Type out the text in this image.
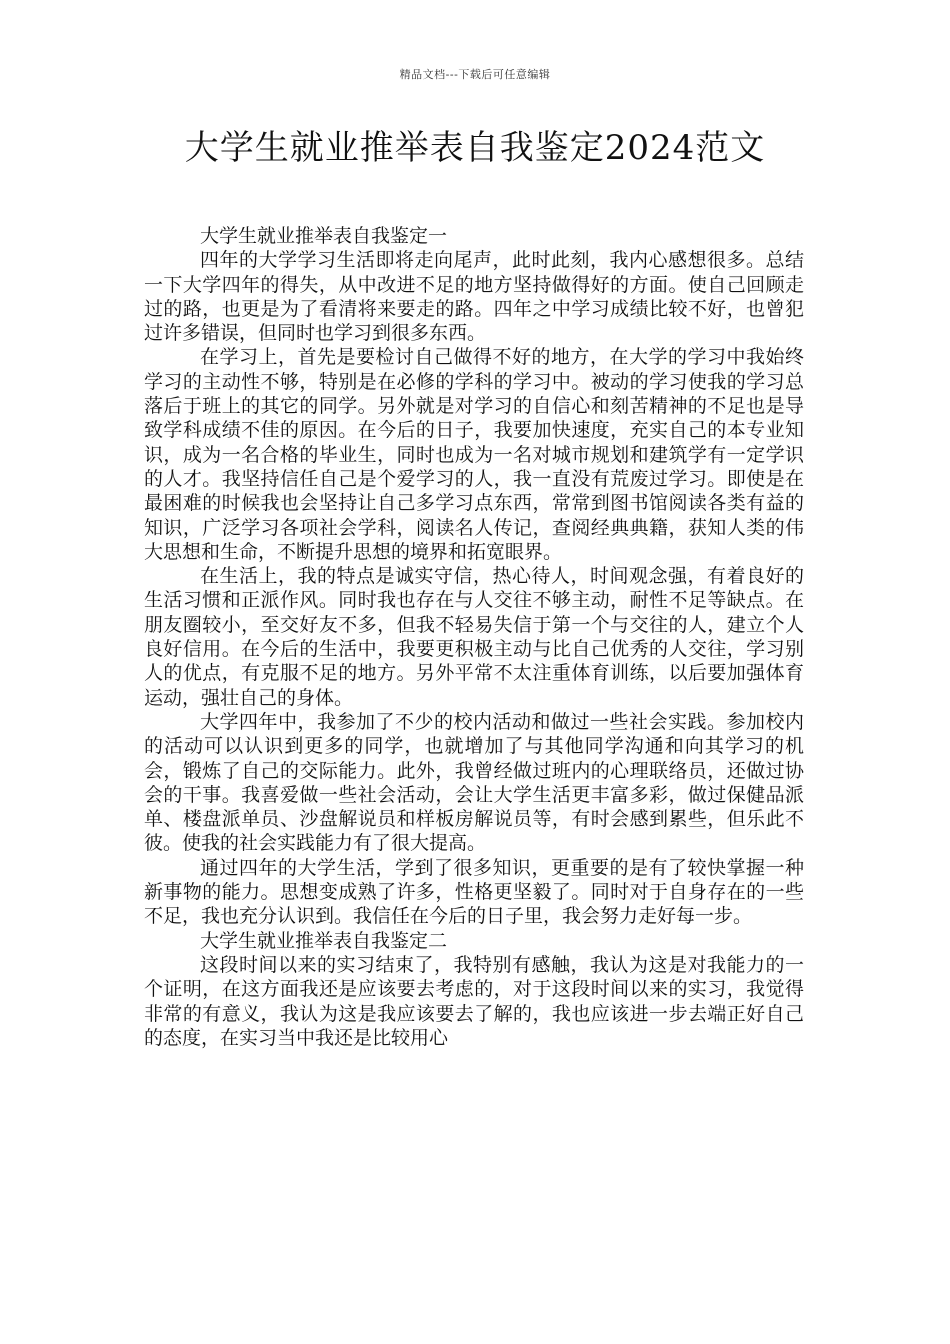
精品文档---下载后可任意编辑
大学生就业推举表自我鉴定2024范文

大学生就业推举表自我鉴定一

四年的大学学习生活即将走向尾声，此时此刻，我内心感想很多。总结一下大学四年的得失，从中改进不足的地方坚持做得好的方面。使自己回顾走过的路，也更是为了看清将来要走的路。四年之中学习成绩比较不好，也曾犯过许多错误，但同时也学习到很多东西。

在学习上，首先是要检讨自己做得不好的地方，在大学的学习中我始终学习的主动性不够，特别是在必修的学科的学习中。被动的学习使我的学习总落后于班上的其它的同学。另外就是对学习的自信心和刻苦精神的不足也是导致学科成绩不佳的原因。在今后的日子，我要加快速度，充实自己的本专业知识，成为一名合格的毕业生，同时也成为一名对城市规划和建筑学有一定学识的人才。我坚持信任自己是个爱学习的人，我一直没有荒废过学习。即使是在最困难的时候我也会坚持让自己多学习点东西，常常到图书馆阅读各类有益的知识，广泛学习各项社会学科，阅读名人传记，查阅经典典籍，获知人类的伟大思想和生命，不断提升思想的境界和拓宽眼界。

在生活上，我的特点是诚实守信，热心待人，时间观念强，有着良好的生活习惯和正派作风。同时我也存在与人交往不够主动，耐性不足等缺点。在朋友圈较小，至交好友不多，但我不轻易失信于第一个与交往的人，建立个人良好信用。在今后的生活中，我要更积极主动与比自己优秀的人交往，学习别人的优点，有克服不足的地方。另外平常不太注重体育训练，以后要加强体育运动，强壮自己的身体。

大学四年中，我参加了不少的校内活动和做过一些社会实践。参加校内的活动可以认识到更多的同学，也就增加了与其他同学沟通和向其学习的机会，锻炼了自己的交际能力。此外，我曾经做过班内的心理联络员，还做过协会的干事。我喜爱做一些社会活动，会让大学生活更丰富多彩，做过保健品派单、楼盘派单员、沙盘解说员和样板房解说员等，有时会感到累些，但乐此不彼。使我的社会实践能力有了很大提高。

通过四年的大学生活，学到了很多知识，更重要的是有了较快掌握一种新事物的能力。思想变成熟了许多，性格更坚毅了。同时对于自身存在的一些不足，我也充分认识到。我信任在今后的日子里，我会努力走好每一步。

大学生就业推举表自我鉴定二

这段时间以来的实习结束了，我特别有感触，我认为这是对我能力的一个证明，在这方面我还是应该要去考虑的，对于这段时间以来的实习，我觉得非常的有意义，我认为这是我应该要去了解的，我也应该进一步去端正好自己的态度，在实习当中我还是比较用心
